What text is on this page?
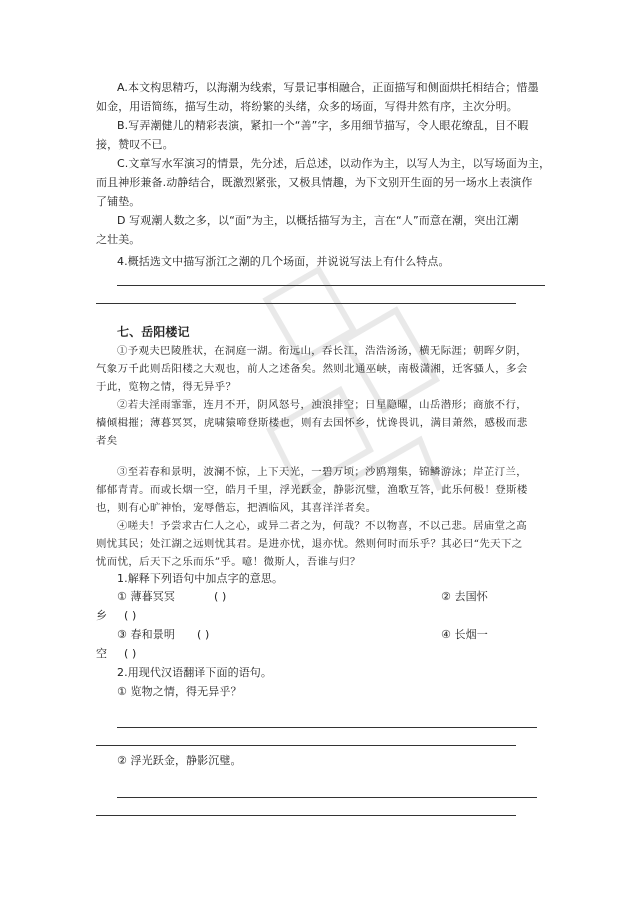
A.本文构思精巧，以海潮为线索，写景记事相融合，正面描写和侧面烘托相结合；惜墨
如金，用语简练，描写生动，将纷繁的头绪，众多的场面，写得井然有序，主次分明。
B.写弄潮健儿的精彩表演，紧扣一个“善”字，多用细节描写，令人眼花缭乱，目不暇
接，赞叹不已。
C.文章写水军演习的情景，先分述，后总述，以动作为主，以写人为主，以写场面为主，
而且神形兼备.动静结合，既激烈紧张，又极具情趣，为下文别开生面的另一场水上表演作
了铺垫。
D 写观潮人数之多，以“面”为主，以概括描写为主，言在“人”而意在潮，突出江潮
之壮美。
4.概括选文中描写浙江之潮的几个场面，并说说写法上有什么特点。
七、岳阳楼记
①予观夫巴陵胜状，在洞庭一湖。衔远山，吞长江，浩浩汤汤，横无际涯；朝晖夕阴，
气象万千此则岳阳楼之大观也，前人之述备矣。然则北通巫峡，南极潇湘，迁客骚人，多会
于此，览物之情，得无异乎？
②若夫淫雨霏霏，连月不开，阴风怒号，浊浪排空；日星隐曜，山岳潜形；商旅不行，
樯倾楫摧；薄暮冥冥，虎啸猿啼登斯楼也，则有去国怀乡，忧谗畏讥，满目萧然，感极而悲
者矣
③至若春和景明，波澜不惊，上下天光，一碧万顷；沙鸥翔集，锦鳞游泳；岸芷汀兰，
郁郁青青。而或长烟一空，皓月千里，浮光跃金，静影沉璧，渔歌互答，此乐何极！登斯楼
也，则有心旷神怡，宠辱偕忘，把酒临风，其喜洋洋者矣。
④嗟夫！予尝求古仁人之心，或异二者之为，何哉？不以物喜，不以己悲。居庙堂之高
则忧其民；处江湖之远则忧其君。是进亦忧，退亦忧。然则何时而乐乎？其必曰“先天下之
忧而忧，后天下之乐而乐”乎。噫！微斯人，吾谁与归？
1.解释下列语句中加点字的意思。
① 薄暮冥冥	( )	② 去国怀
乡 ( )
③ 春和景明 ( )	④ 长烟一
空 ( )
2.用现代汉语翻译下面的语句。
① 览物之情，得无异乎？
② 浮光跃金，静影沉璧。
